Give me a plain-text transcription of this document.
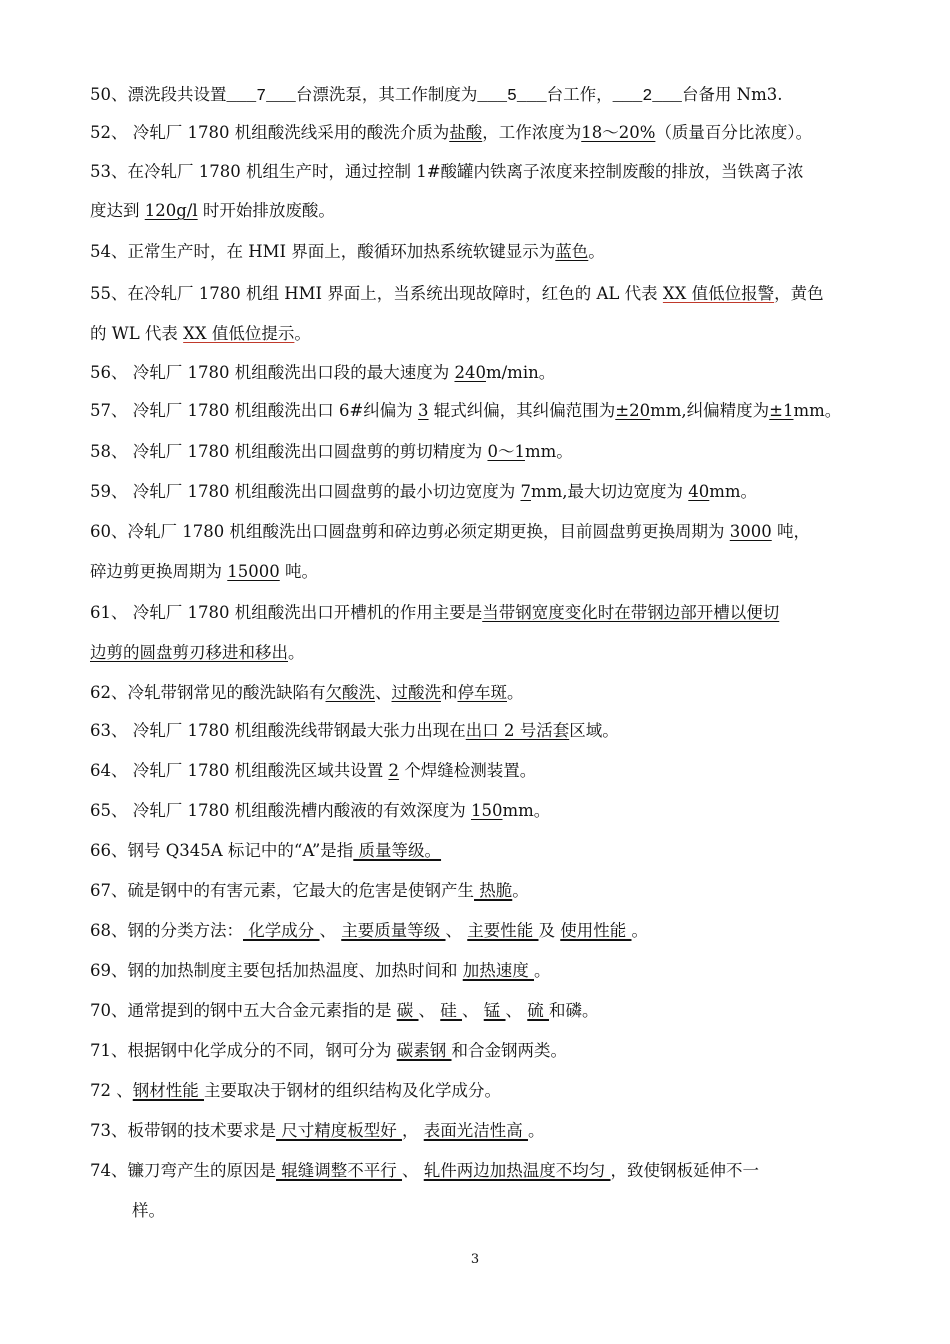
50、漂洗段共设置___7___台漂洗泵，其工作制度为___5___台工作，___2___台备用 Nm3.
52、 冷轧厂 1780 机组酸洗线采用的酸洗介质为盐酸，工作浓度为18～20%（质量百分比浓度）。
53、在冷轧厂 1780 机组生产时，通过控制 1#酸罐内铁离子浓度来控制废酸的排放，当铁离子浓
度达到 120g/l 时开始排放废酸。
54、正常生产时，在 HMI 界面上，酸循环加热系统软键显示为蓝色。
55、在冷轧厂 1780 机组 HMI 界面上，当系统出现故障时，红色的 AL 代表 XX 值低位报警，黄色
的 WL 代表 XX 值低位提示。
56、 冷轧厂 1780 机组酸洗出口段的最大速度为 240m/min。
57、 冷轧厂 1780 机组酸洗出口 6#纠偏为 3 辊式纠偏，其纠偏范围为±20mm,纠偏精度为±1mm。
58、 冷轧厂 1780 机组酸洗出口圆盘剪的剪切精度为 0～1mm。
59、 冷轧厂 1780 机组酸洗出口圆盘剪的最小切边宽度为 7mm,最大切边宽度为 40mm。
60、冷轧厂 1780 机组酸洗出口圆盘剪和碎边剪必须定期更换，目前圆盘剪更换周期为 3000 吨，
碎边剪更换周期为 15000 吨。
61、 冷轧厂 1780 机组酸洗出口开槽机的作用主要是当带钢宽度变化时在带钢边部开槽以便切
边剪的圆盘剪刃移进和移出。
62、冷轧带钢常见的酸洗缺陷有欠酸洗、过酸洗和停车斑。
63、 冷轧厂 1780 机组酸洗线带钢最大张力出现在出口 2 号活套区域。
64、 冷轧厂 1780 机组酸洗区域共设置 2 个焊缝检测装置。
65、 冷轧厂 1780 机组酸洗槽内酸液的有效深度为 150mm。
66、钢号 Q345A 标记中的“A”是指 质量等级。
67、硫是钢中的有害元素，它最大的危害是使钢产生 热脆。
68、钢的分类方法： 化学成分 、 主要质量等级 、 主要性能 及 使用性能 。
69、钢的加热制度主要包括加热温度、加热时间和 加热速度 。
70、通常提到的钢中五大合金元素指的是 碳 、 硅 、 锰 、 硫 和磷。
71、根据钢中化学成分的不同，钢可分为 碳素钢 和合金钢两类。
72 、钢材性能 主要取决于钢材的组织结构及化学成分。
73、板带钢的技术要求是 尺寸精度板型好 ， 表面光洁性高 。
74、镰刀弯产生的原因是 辊缝调整不平行 、 轧件两边加热温度不均匀 ，致使钢板延伸不一
样。
3
